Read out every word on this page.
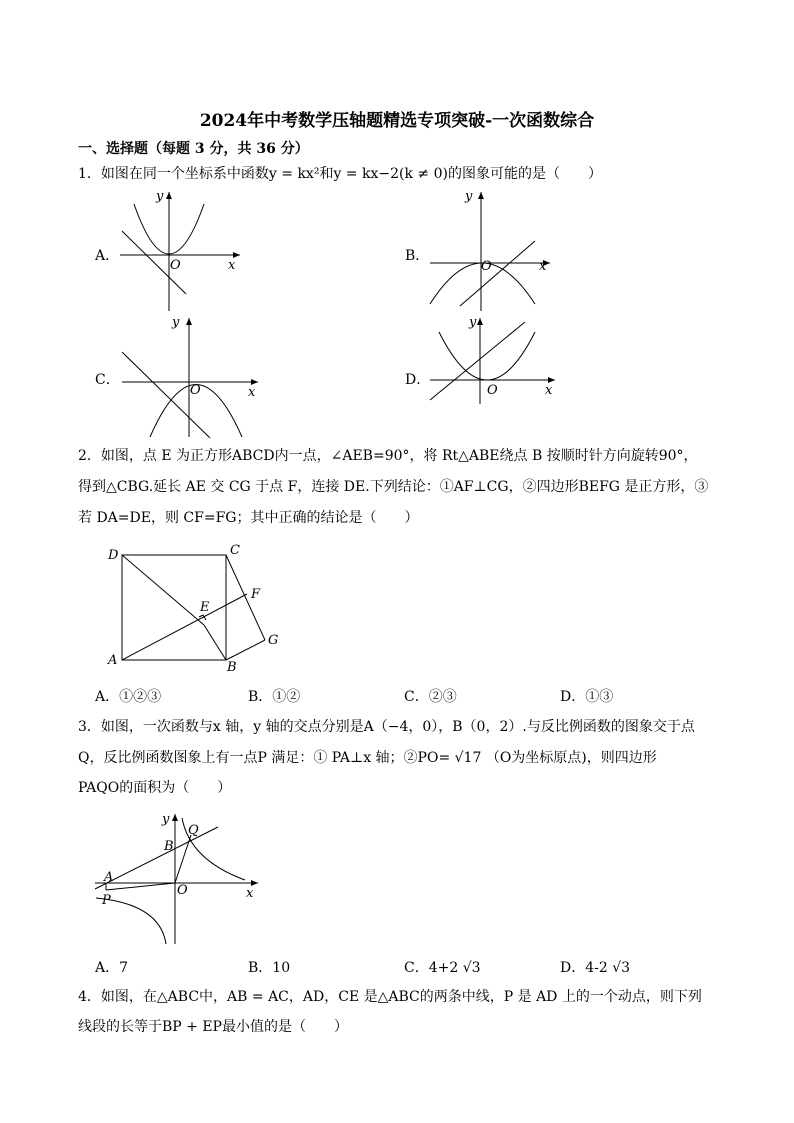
2024年中考数学压轴题精选专项突破-一次函数综合
一、选择题（每题 3 分，共 36 分）
1．如图在同一个坐标系中函数y = kx²和y = kx−2(k ≠ 0)的图象可能的是（　　）
A．
y
O	x
B．
y
O	x
C．
y
O	x
D．
y
O	x
2．如图，点 E 为正方形ABCD内一点，∠AEB=90°，将 Rt△ABE绕点 B 按顺时针方向旋转90°，
得到△CBG.延长 AE 交 CG 于点 F，连接 DE.下列结论：①AF⊥CG，②四边形BEFG 是正方形，③
若 DA=DE，则 CF=FG；其中正确的结论是（　　）
D	C
E
F
G
A	B
A．①②③	B．①②	C．②③	D．①③
3．如图，一次函数与x 轴，y 轴的交点分别是A（−4，0），B（0，2）.与反比例函数的图象交于点
Q，反比例函数图象上有一点P 满足：① PA⊥x 轴；②PO= √17 （O为坐标原点)，则四边形
PAQO的面积为（　　）
y
Q
B
A
O
P	x
A．7	B．10	C．4+2 √3	D．4-2 √3
4．如图，在△ABC中，AB = AC，AD，CE 是△ABC的两条中线，P 是 AD 上的一个动点，则下列
线段的长等于BP + EP最小值的是（　　）
